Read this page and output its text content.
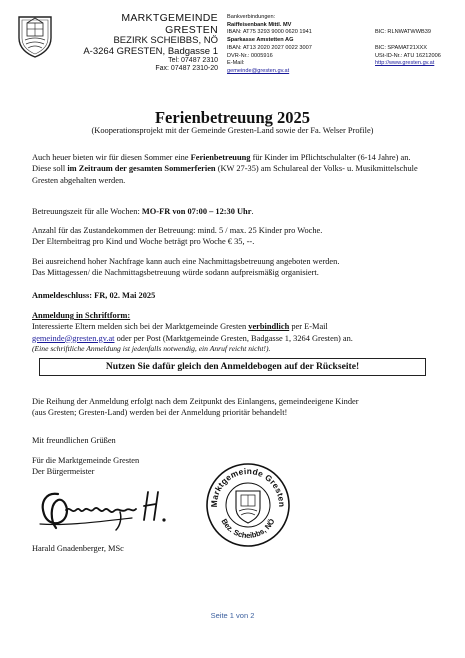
MARKTGEMEINDE
GRESTEN
BEZIRK SCHEIBBS, NÖ
A-3264 GRESTEN, Badgasse 1
Tel: 07487 2310
Fax: 07487 2310-20
Bankverbindungen:
Raiffeisenbank Mittl. MV
IBAN: AT75 3293 9000 0620 1941	BIC: RLNWATWWB39
Sparkasse Amstetten AG
IBAN: AT13 2020 2027 0022 3007	BIC: SPAMAT21XXX
DVR-Nr.: 0005916	USt-ID-Nr.: ATU 16212006
E-Mail:
gemeinde@gresten.gv.at
http://www.gresten.gv.at
Ferienbetreuung 2025
(Kooperationsprojekt mit der Gemeinde Gresten-Land sowie der Fa. Welser Profile)
Auch heuer bieten wir für diesen Sommer eine Ferienbetreuung für Kinder im Pflichtschulalter (6-14 Jahre) an.
Diese soll im Zeitraum der gesamten Sommerferien (KW 27-35) am Schulareal der Volks- u. Musikmittelschule Gresten abgehalten werden.
Betreuungszeit für alle Wochen: MO-FR von 07:00 – 12:30 Uhr.
Anzahl für das Zustandekommen der Betreuung: mind. 5 / max. 25 Kinder pro Woche.
Der Elternbeitrag pro Kind und Woche beträgt pro Woche € 35, --.
Bei ausreichend hoher Nachfrage kann auch eine Nachmittagsbetreuung angeboten werden.
Das Mittagessen/ die Nachmittagsbetreuung würde sodann aufpreismäßig organisiert.
Anmeldeschluss: FR, 02. Mai 2025
Anmeldung in Schriftform:
Interessierte Eltern melden sich bei der Marktgemeinde Gresten verbindlich per E-Mail
gemeinde@gresten.gv.at oder per Post (Marktgemeinde Gresten, Badgasse 1, 3264 Gresten) an.
(Eine schriftliche Anmeldung ist jedenfalls notwendig, ein Anruf reicht nicht!).
Nutzen Sie dafür gleich den Anmeldebogen auf der Rückseite!
Die Reihung der Anmeldung erfolgt nach dem Zeitpunkt des Einlangens, gemeindeeigene Kinder
(aus Gresten; Gresten-Land) werden bei der Anmeldung prioritär behandelt!
Mit freundlichen Grüßen
Für die Marktgemeinde Gresten
Der Bürgermeister
Marktgemeinde Gresten
Bez. Scheibbs, NÖ
Harald Gnadenberger, MSc
Seite 1 von 2
